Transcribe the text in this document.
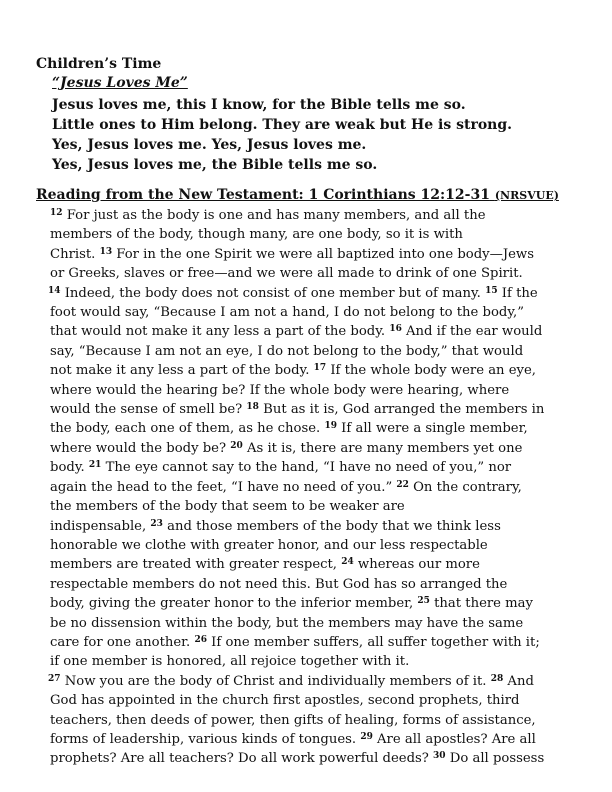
Children’s Time
“Jesus Loves Me”
Jesus loves me, this I know, for the Bible tells me so.
Little ones to Him belong. They are weak but He is strong.
Yes, Jesus loves me. Yes, Jesus loves me.
Yes, Jesus loves me, the Bible tells me so.
Reading from the New Testament: 1 Corinthians 12:12-31 (NRSVUE)
$^{12}$ For just as the body is one and has many members, and all the
members of the body, though many, are one body, so it is with
Christ. $^{13}$ For in the one Spirit we were all baptized into one body—Jews
or Greeks, slaves or free—and we were all made to drink of one Spirit.
$^{14}$ Indeed, the body does not consist of one member but of many. $^{15}$ If the
foot would say, “Because I am not a hand, I do not belong to the body,”
that would not make it any less a part of the body. $^{16}$ And if the ear would
say, “Because I am not an eye, I do not belong to the body,” that would
not make it any less a part of the body. $^{17}$ If the whole body were an eye,
where would the hearing be? If the whole body were hearing, where
would the sense of smell be? $^{18}$ But as it is, God arranged the members in
the body, each one of them, as he chose. $^{19}$ If all were a single member,
where would the body be? $^{20}$ As it is, there are many members yet one
body. $^{21}$ The eye cannot say to the hand, “I have no need of you,” nor
again the head to the feet, “I have no need of you.” $^{22}$ On the contrary,
the members of the body that seem to be weaker are
indispensable, $^{23}$ and those members of the body that we think less
honorable we clothe with greater honor, and our less respectable
members are treated with greater respect, $^{24}$ whereas our more
respectable members do not need this. But God has so arranged the
body, giving the greater honor to the inferior member, $^{25}$ that there may
be no dissension within the body, but the members may have the same
care for one another. $^{26}$ If one member suffers, all suffer together with it;
if one member is honored, all rejoice together with it.
$^{27}$ Now you are the body of Christ and individually members of it. $^{28}$ And
God has appointed in the church first apostles, second prophets, third
teachers, then deeds of power, then gifts of healing, forms of assistance,
forms of leadership, various kinds of tongues. $^{29}$ Are all apostles? Are all
prophets? Are all teachers? Do all work powerful deeds? $^{30}$ Do all possess
